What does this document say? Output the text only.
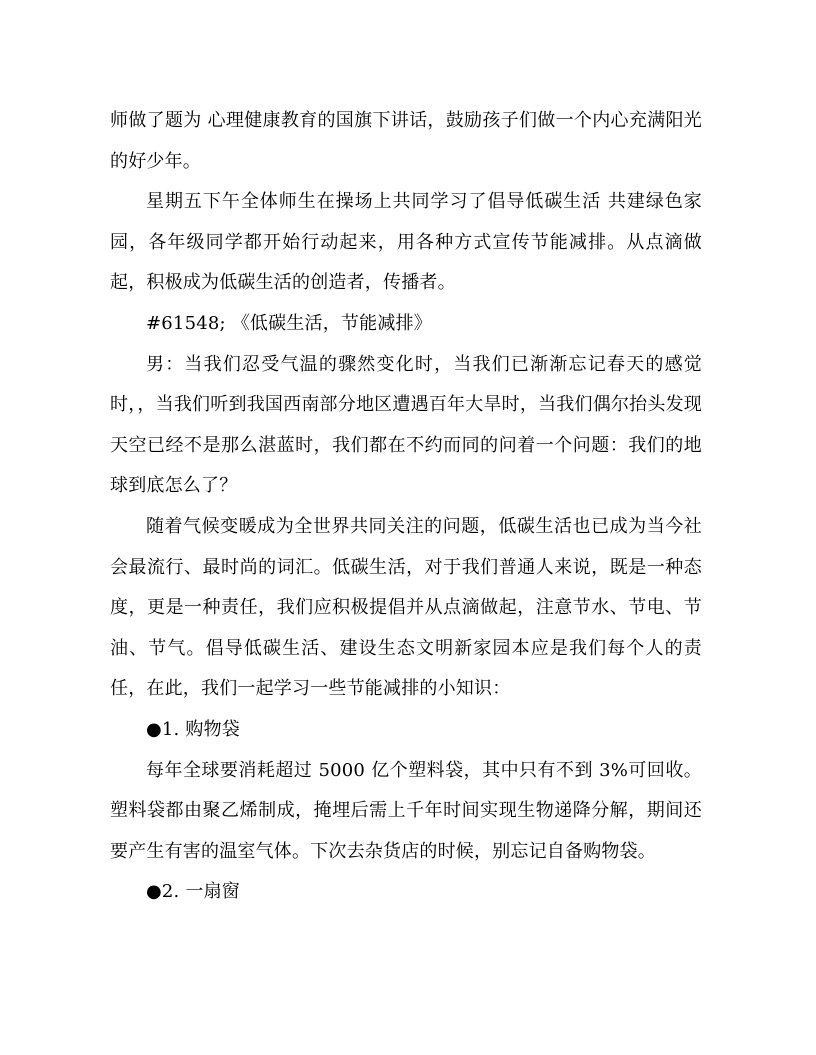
师做了题为 心理健康教育的国旗下讲话，鼓励孩子们做一个内心充满阳光的好少年。

星期五下午全体师生在操场上共同学习了倡导低碳生活 共建绿色家园，各年级同学都开始行动起来，用各种方式宣传节能减排。从点滴做起，积极成为低碳生活的创造者，传播者。

#61548; 《低碳生活，节能减排》

男：当我们忍受气温的骤然变化时，当我们已渐渐忘记春天的感觉时，，当我们听到我国西南部分地区遭遇百年大旱时，当我们偶尔抬头发现天空已经不是那么湛蓝时，我们都在不约而同的问着一个问题：我们的地球到底怎么了？

随着气候变暖成为全世界共同关注的问题，低碳生活也已成为当今社会最流行、最时尚的词汇。低碳生活，对于我们普通人来说，既是一种态度，更是一种责任，我们应积极提倡并从点滴做起，注意节水、节电、节油、节气。倡导低碳生活、建设生态文明新家园本应是我们每个人的责任，在此，我们一起学习一些节能减排的小知识：

●1. 购物袋

每年全球要消耗超过 5000 亿个塑料袋，其中只有不到 3%可回收。塑料袋都由聚乙烯制成，掩埋后需上千年时间实现生物递降分解，期间还要产生有害的温室气体。下次去杂货店的时候，别忘记自备购物袋。

●2. 一扇窗
